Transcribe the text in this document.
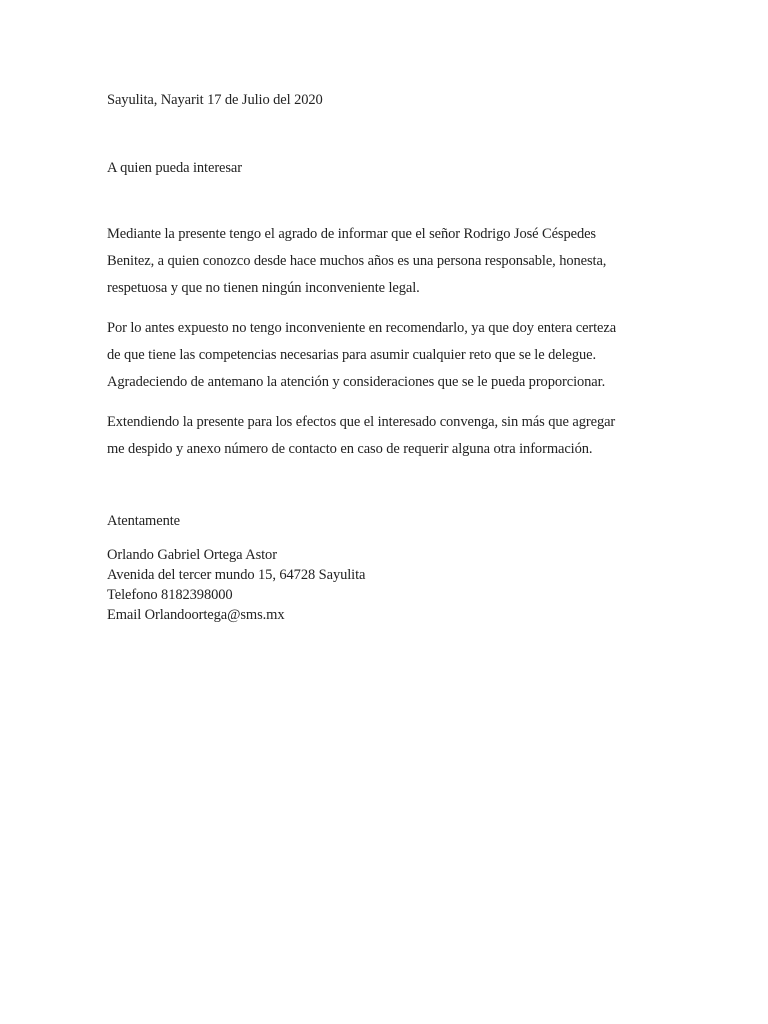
Sayulita, Nayarit 17 de Julio del 2020
A quien pueda interesar
Mediante la presente tengo el agrado de informar que el señor Rodrigo José Céspedes
Benitez, a quien conozco desde hace muchos años es una persona responsable, honesta,
respetuosa y que no tienen ningún inconveniente legal.
Por lo antes expuesto no tengo inconveniente en recomendarlo, ya que doy entera certeza
de que tiene las competencias necesarias para asumir cualquier reto que se le delegue.
Agradeciendo de antemano la atención y consideraciones que se le pueda proporcionar.
Extendiendo la presente para los efectos que el interesado convenga, sin más que agregar
me despido y anexo número de contacto en caso de requerir alguna otra información.
Atentamente
Orlando Gabriel Ortega Astor
Avenida del tercer mundo 15, 64728 Sayulita
Telefono 8182398000
Email Orlandoortega@sms.mx
